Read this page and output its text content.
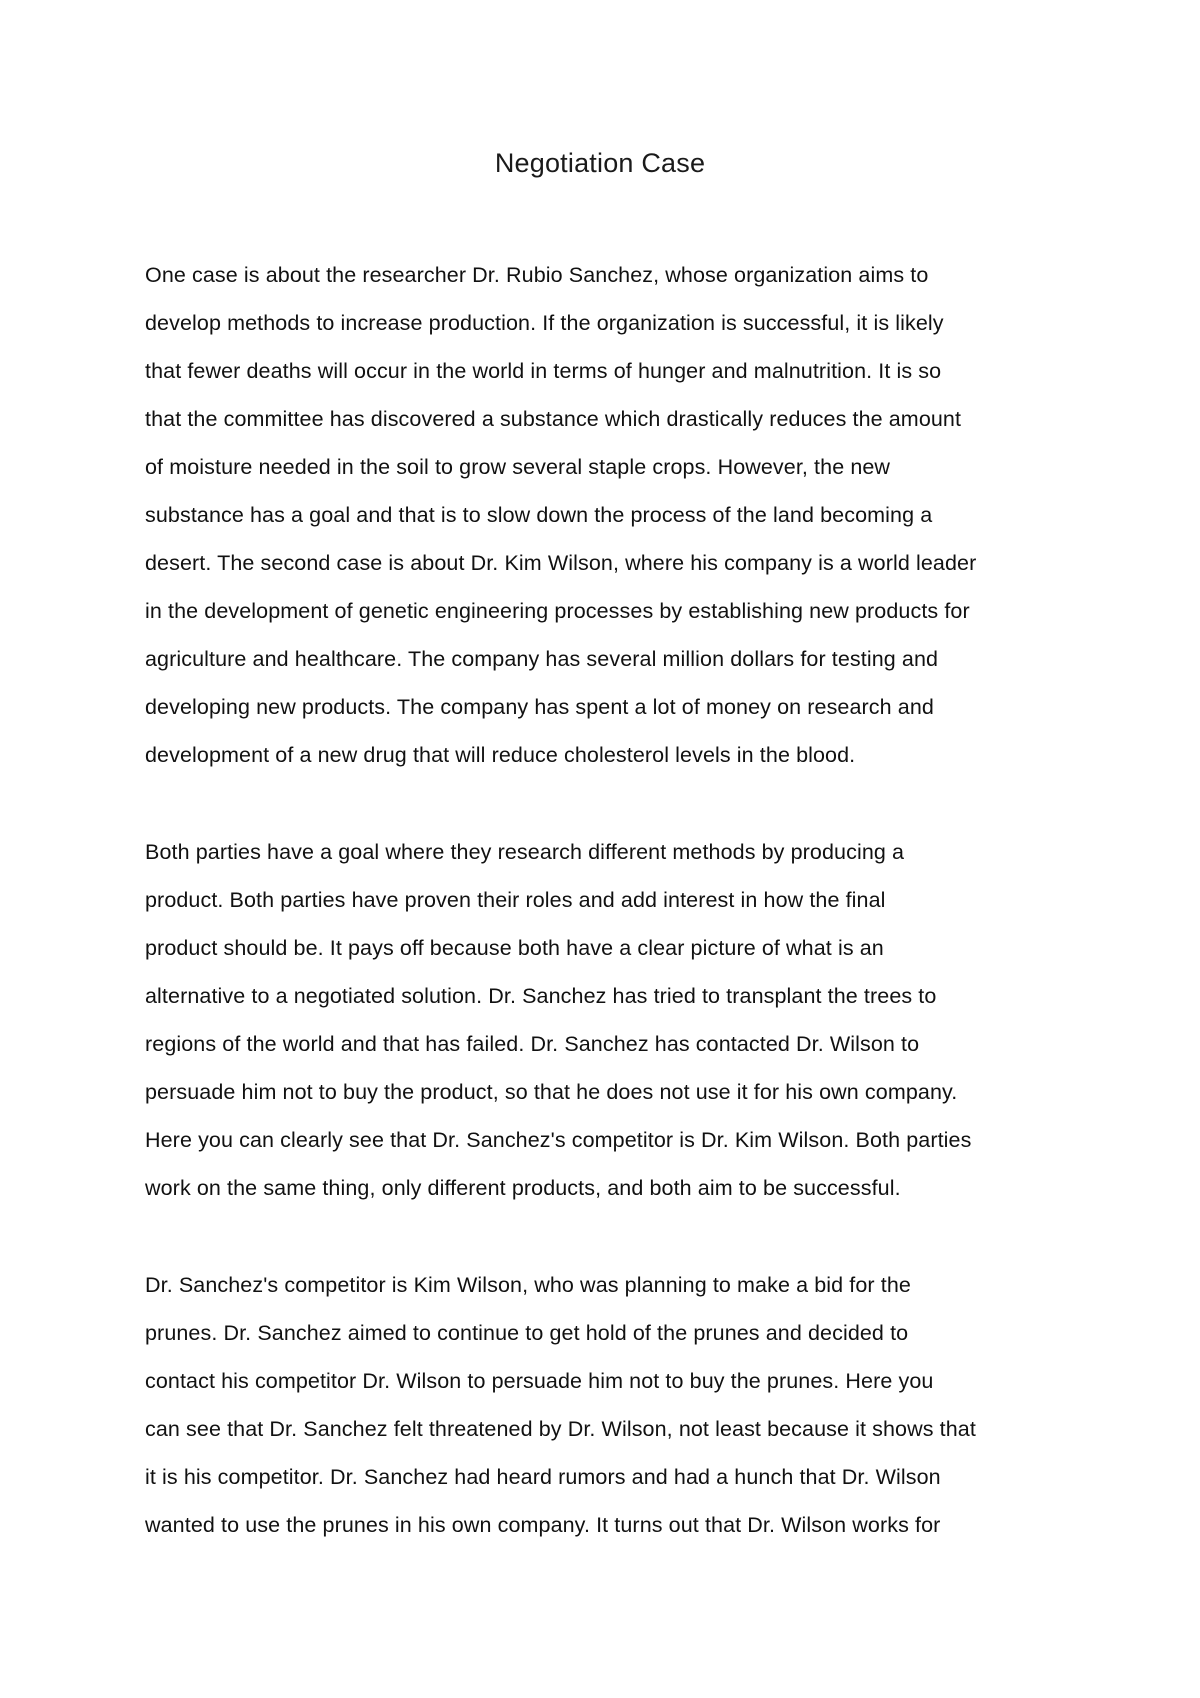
Negotiation Case
One case is about the researcher Dr. Rubio Sanchez, whose organization aims to
develop methods to increase production. If the organization is successful, it is likely
that fewer deaths will occur in the world in terms of hunger and malnutrition. It is so
that the committee has discovered a substance which drastically reduces the amount
of moisture needed in the soil to grow several staple crops. However, the new
substance has a goal and that is to slow down the process of the land becoming a
desert. The second case is about Dr. Kim Wilson, where his company is a world leader
in the development of genetic engineering processes by establishing new products for
agriculture and healthcare. The company has several million dollars for testing and
developing new products. The company has spent a lot of money on research and
development of a new drug that will reduce cholesterol levels in the blood.
Both parties have a goal where they research different methods by producing a
product. Both parties have proven their roles and add interest in how the final
product should be. It pays off because both have a clear picture of what is an
alternative to a negotiated solution. Dr. Sanchez has tried to transplant the trees to
regions of the world and that has failed. Dr. Sanchez has contacted Dr. Wilson to
persuade him not to buy the product, so that he does not use it for his own company.
Here you can clearly see that Dr. Sanchez's competitor is Dr. Kim Wilson. Both parties
work on the same thing, only different products, and both aim to be successful.
Dr. Sanchez's competitor is Kim Wilson, who was planning to make a bid for the
prunes. Dr. Sanchez aimed to continue to get hold of the prunes and decided to
contact his competitor Dr. Wilson to persuade him not to buy the prunes. Here you
can see that Dr. Sanchez felt threatened by Dr. Wilson, not least because it shows that
it is his competitor. Dr. Sanchez had heard rumors and had a hunch that Dr. Wilson
wanted to use the prunes in his own company. It turns out that Dr. Wilson works for
